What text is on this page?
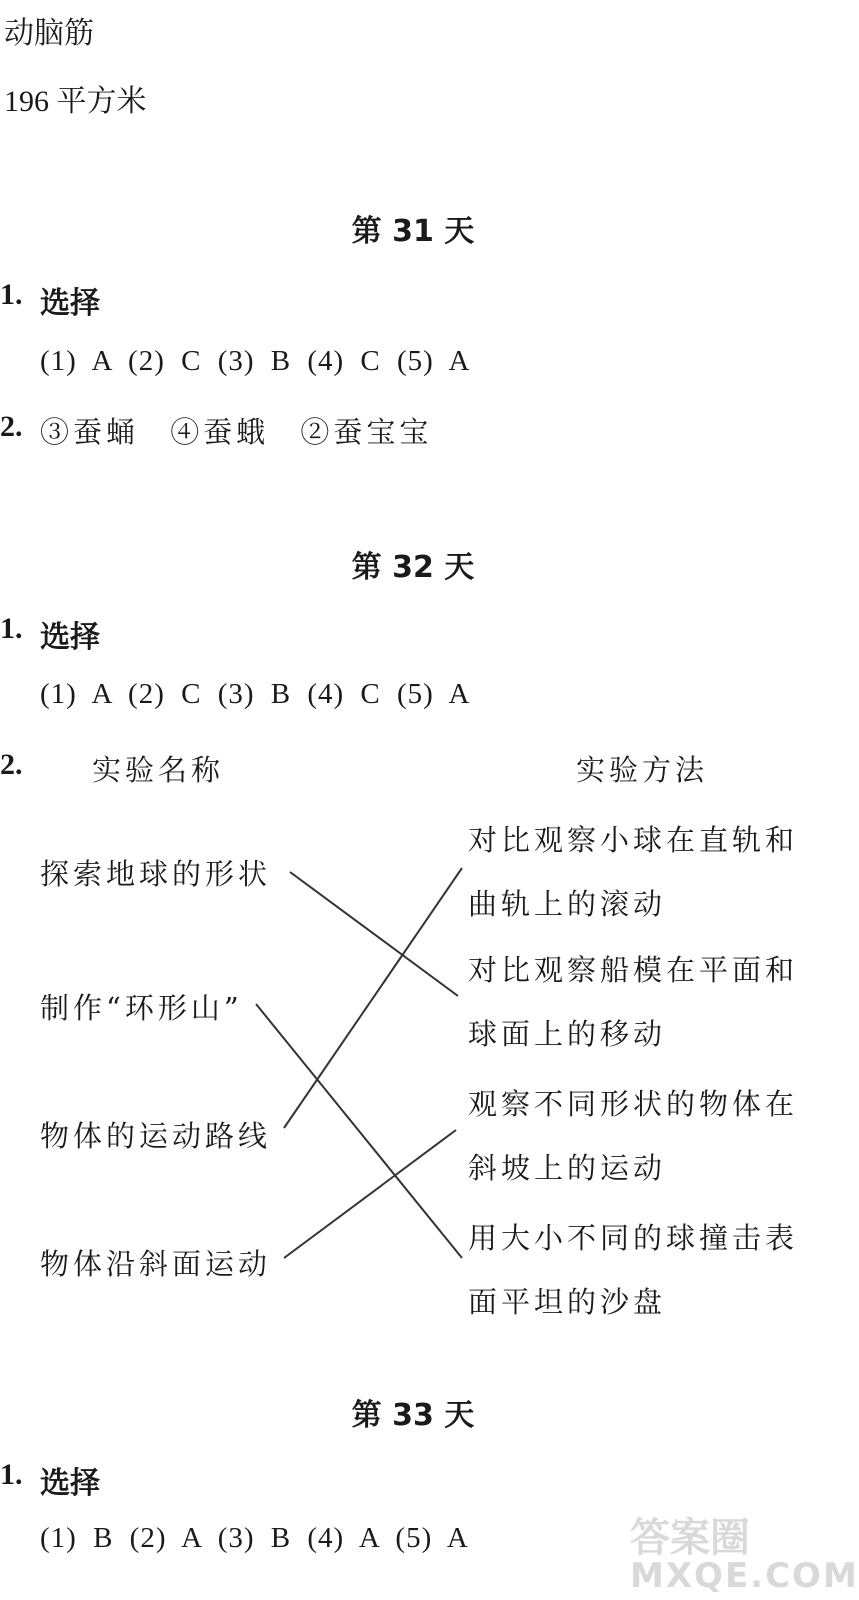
动脑筋
196 平方米
第 31 天
1. 选择
(1) A (2) C (3) B (4) C (5) A
2. ③蚕蛹 ④蚕蛾 ②蚕宝宝
第 32 天
1. 选择
(1) A (2) C (3) B (4) C (5) A
2. 实验名称	实验方法
探索地球的形状
制作“环形山”
物体的运动路线
物体沿斜面运动
对比观察小球在直轨和
曲轨上的滚动
对比观察船模在平面和
球面上的移动
观察不同形状的物体在
斜坡上的运动
用大小不同的球撞击表
面平坦的沙盘
第 33 天
1. 选择
(1) B (2) A (3) B (4) A (5) A	答案圈
MXQE.COM
